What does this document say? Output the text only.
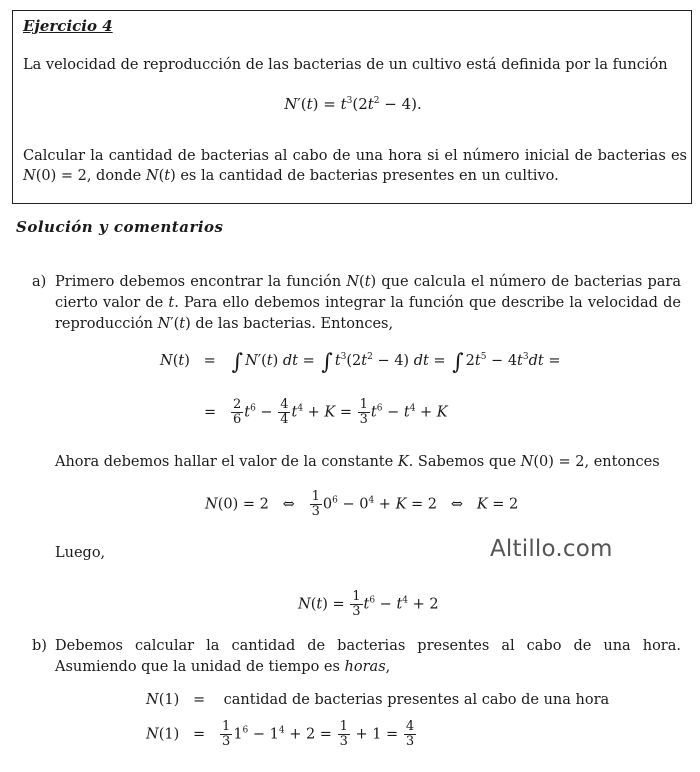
Ejercicio 4
La velocidad de reproducción de las bacterias de un cultivo está definida por la función
$N'(t) = t^3(2t^2 - 4)$.
Calcular la cantidad de bacterias al cabo de una hora si el número inicial de bacterias es N(0) = 2, donde N(t) es la cantidad de bacterias presentes en un cultivo.
Solución y comentarios
a) Primero debemos encontrar la función N(t) que calcula el número de bacterias para cierto valor de t. Para ello debemos integrar la función que describe la velocidad de reproducción N′(t) de las bacterias. Entonces,
N(t)   =   ∫ N′(t) dt = ∫ $t^3(2t^2 - 4)$ dt = ∫ $2t^5 - 4t^3dt$ =
= $\frac{2}{6} t^6 - \frac{4}{4} t^4 + K = \frac{1}{3} t^6 - t^4 + K$
Ahora debemos hallar el valor de la constante K. Sabemos que N(0) = 2, entonces
N(0) = 2   ⇔ $\frac{1}{3} 0^6 - 0^4 + K = 2$   ⇔   K = 2
Luego,	Altillo.com
$N(t) = \frac{1}{3} t^6 - t^4 + 2$
b) Debemos calcular la cantidad de bacterias presentes al cabo de una hora. Asumiendo que la unidad de tiempo es horas,
N(1)   =    cantidad de bacterias presentes al cabo de una hora
$N(1) = \frac{1}{3} 1^6 - 1^4 + 2 = \frac{1}{3} + 1 = \frac{4}{3}$
